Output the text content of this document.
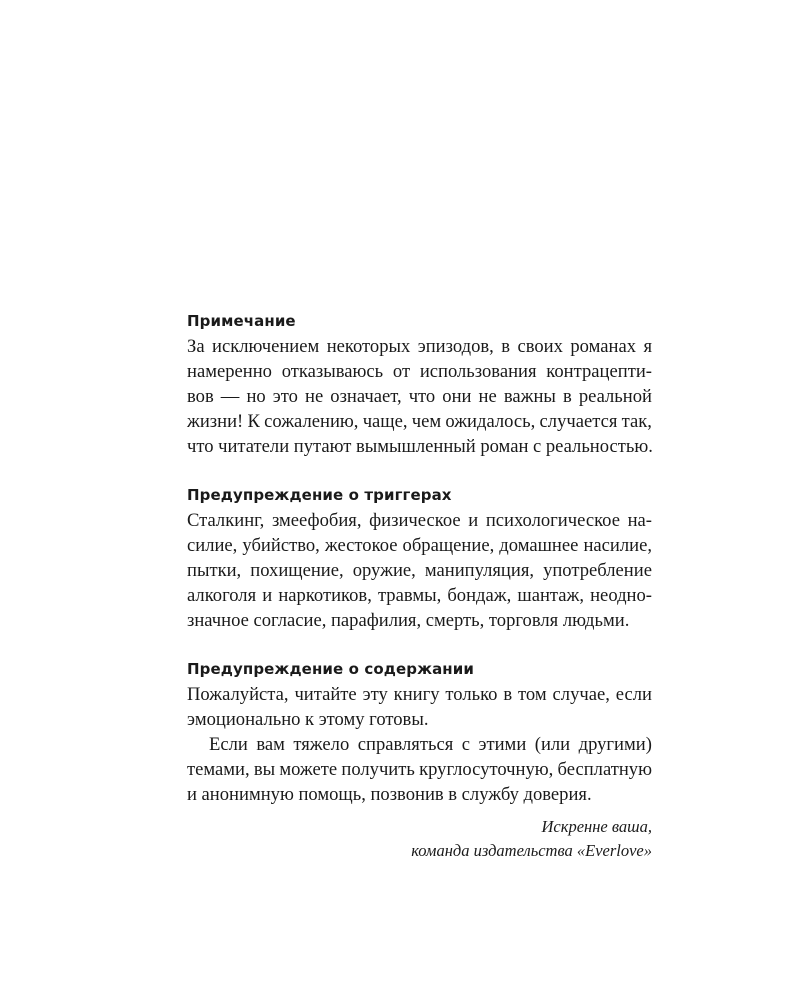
Примечание
За исключением некоторых эпизодов, в своих романах я
намеренно отказываюсь от использования контрацепти-
вов — но это не означает, что они не важны в реальной
жизни! К сожалению, чаще, чем ожидалось, случается так,
что читатели путают вымышленный роман с реальностью.
Предупреждение о триггерах
Сталкинг, змеефобия, физическое и психологическое на-
силие, убийство, жестокое обращение, домашнее насилие,
пытки, похищение, оружие, манипуляция, употребление
алкоголя и наркотиков, травмы, бондаж, шантаж, неодно-
значное согласие, парафилия, смерть, торговля людьми.
Предупреждение о содержании
Пожалуйста, читайте эту книгу только в том случае, если
эмоционально к этому готовы.
Если вам тяжело справляться с этими (или другими)
темами, вы можете получить круглосуточную, бесплатную
и анонимную помощь, позвонив в службу доверия.
Искренне ваша,
команда издательства «Everlove»
